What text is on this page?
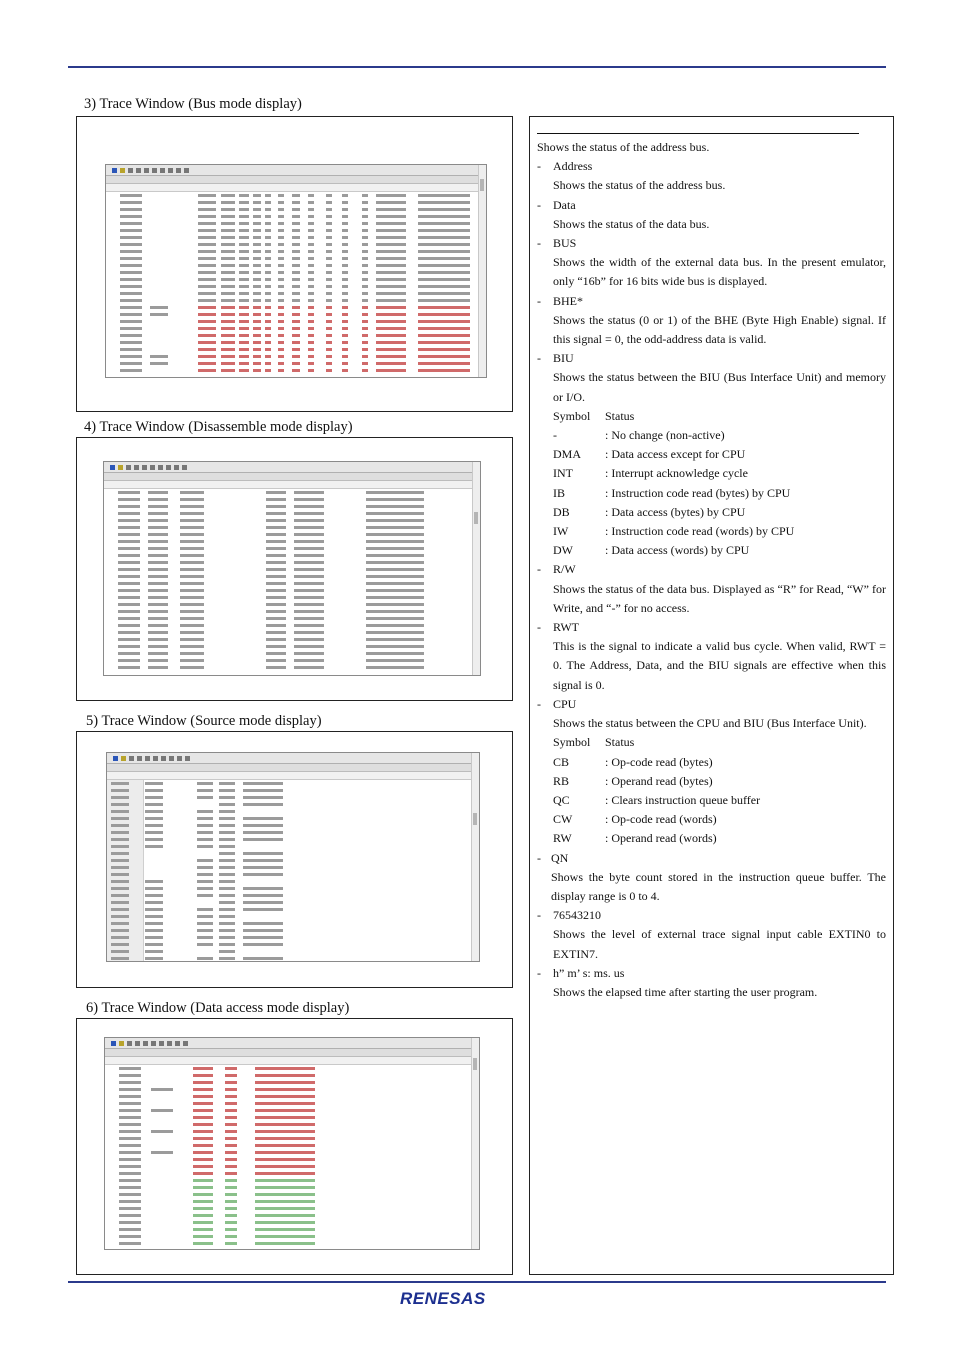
3) Trace Window (Bus mode display)
4) Trace Window (Disassemble mode display)
5) Trace Window (Source mode display)
6) Trace Window (Data access mode display)

Shows the status of the address bus.

-	Address

Shows the status of the address bus.

-	Data

Shows the status of the data bus.

-	BUS

Shows the width of the external data bus. In the present emulator, only “16b” for 16 bits wide bus is displayed.

-	BHE*

Shows the status (0 or 1) of the BHE (Byte High Enable) signal. If this signal = 0, the odd-address data is valid.

-	BIU

Shows the status between the BIU (Bus Interface Unit) and memory or I/O.

Symbol	Status
-	: No change (non-active)
DMA	: Data access except for CPU
INT	: Interrupt acknowledge cycle
IB	: Instruction code read (bytes) by CPU
DB	: Data access (bytes) by CPU
IW	: Instruction code read (words) by CPU
DW	: Data access (words) by CPU
-	R/W

Shows the status of the data bus. Displayed as “R” for Read, “W” for Write, and “-” for no access.

-	RWT

This is the signal to indicate a valid bus cycle. When valid, RWT = 0. The Address, Data, and the BIU signals are effective when this signal is 0.

-	CPU

Shows the status between the CPU and BIU (Bus Interface Unit).

Symbol	Status
CB	: Op-code read (bytes)
RB	: Operand read (bytes)
QC	: Clears instruction queue buffer
CW	: Op-code read (words)
RW	: Operand read (words)
- QN

Shows the byte count stored in the instruction queue buffer. The display range is 0 to 4.

-	76543210

Shows the level of external trace signal input cable EXTIN0 to EXTIN7.

-	h” m’ s: ms. us

Shows the elapsed time after starting the user program.

RENESAS
